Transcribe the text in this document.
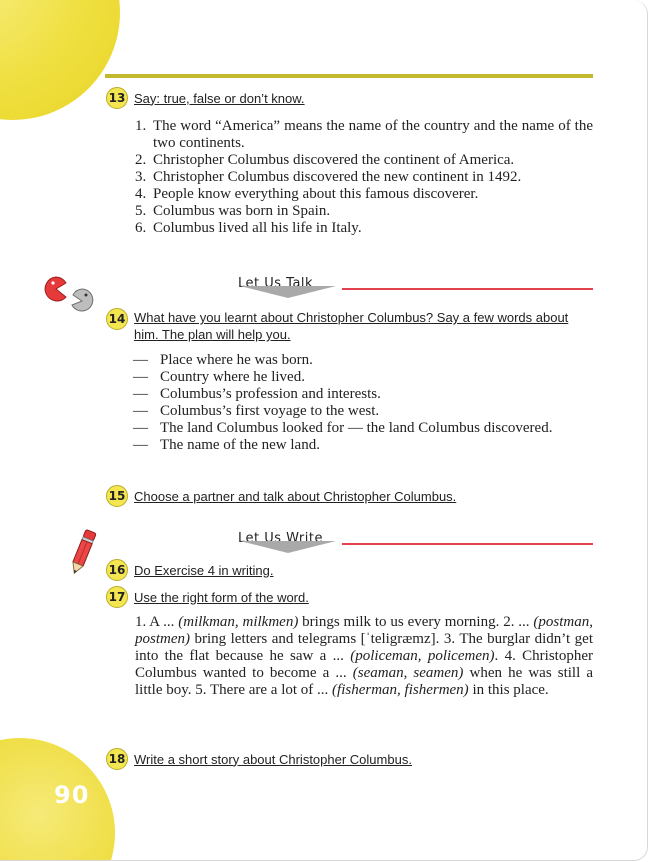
90
13 Say: true, false or don’t know.
1. The word “America” means the name of the country and the name of the two continents.
2. Christopher Columbus discovered the continent of America.
3. Christopher Columbus discovered the new continent in 1492.
4. People know everything about this famous discoverer.
5. Columbus was born in Spain.
6. Columbus lived all his life in Italy.
Let Us Talk
14 What have you learnt about Christopher Columbus? Say a few words about him. The plan will help you.
— Place where he was born.
— Country where he lived.
— Columbus’s profession and interests.
— Columbus’s first voyage to the west.
— The land Columbus looked for — the land Columbus discovered.
— The name of the new land.
15 Choose a partner and talk about Christopher Columbus.
Let Us Write
16 Do Exercise 4 in writing.
17 Use the right form of the word.
1. A ... (milkman, milkmen) brings milk to us every morning. 2. ... (postman, postmen) bring letters and telegrams [ˈteligræmz]. 3. The burglar didn’t get into the flat because he saw a ... (policeman, policemen). 4. Christopher Columbus wanted to become a ... (seaman, seamen) when he was still a little boy. 5. There are a lot of ... (fisherman, fishermen) in this place.
18 Write a short story about Christopher Columbus.
